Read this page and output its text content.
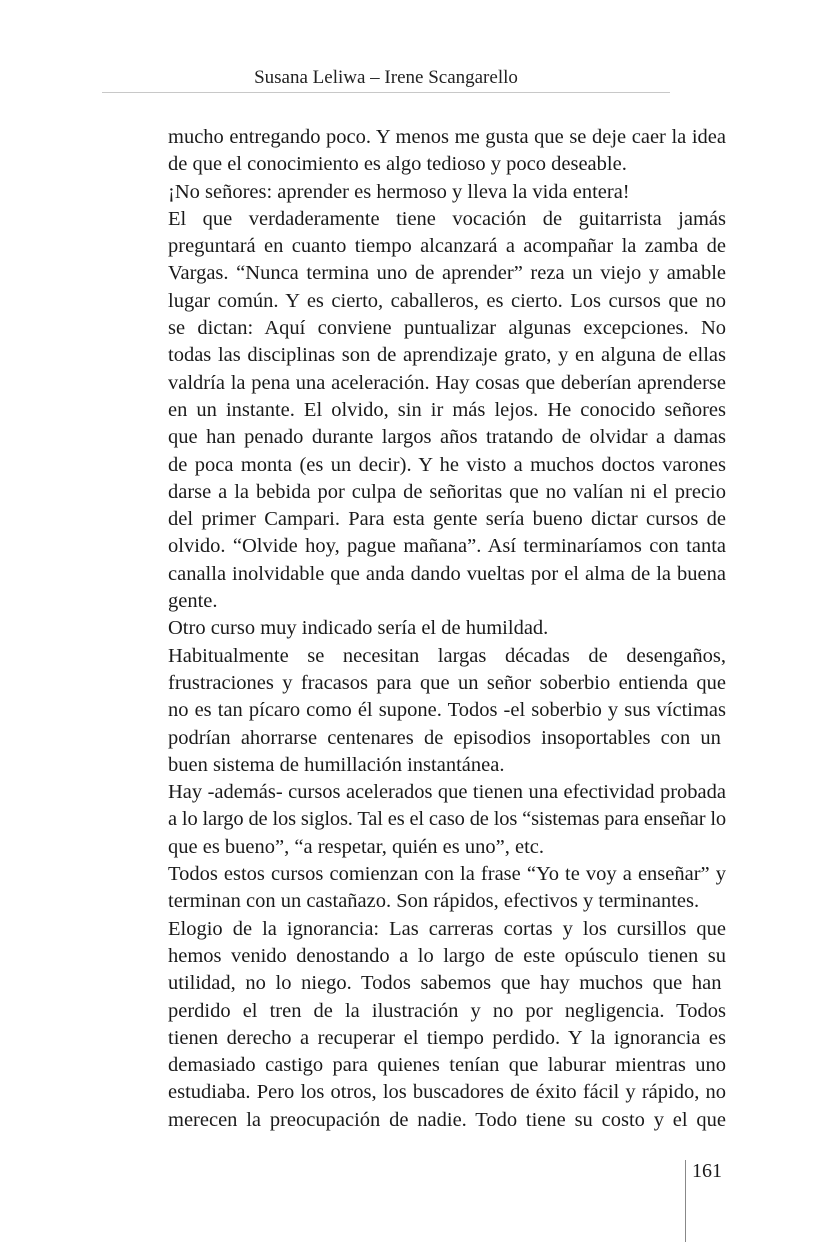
Susana Leliwa – Irene Scangarello
mucho entregando poco. Y menos me gusta que se deje caer la idea
de que el conocimiento es algo tedioso y poco deseable.
¡No señores: aprender es hermoso y lleva la vida entera!
El que verdaderamente tiene vocación de guitarrista jamás
preguntará en cuanto tiempo alcanzará a acompañar la zamba de
Vargas. “Nunca termina uno de aprender” reza un viejo y amable
lugar común. Y es cierto, caballeros, es cierto. Los cursos que no
se dictan: Aquí conviene puntualizar algunas excepciones. No
todas las disciplinas son de aprendizaje grato, y en alguna de ellas
valdría la pena una aceleración. Hay cosas que deberían aprenderse
en un instante. El olvido, sin ir más lejos. He conocido señores
que han penado durante largos años tratando de olvidar a damas
de poca monta (es un decir). Y he visto a muchos doctos varones
darse a la bebida por culpa de señoritas que no valían ni el precio
del primer Campari. Para esta gente sería bueno dictar cursos de
olvido. “Olvide hoy, pague mañana”. Así terminaríamos con tanta
canalla inolvidable que anda dando vueltas por el alma de la buena
gente.
Otro curso muy indicado sería el de humildad.
Habitualmente se necesitan largas décadas de desengaños,
frustraciones y fracasos para que un señor soberbio entienda que
no es tan pícaro como él supone. Todos -el soberbio y sus víctimas
podrían ahorrarse centenares de episodios insoportables con un
buen sistema de humillación instantánea.
Hay -además- cursos acelerados que tienen una efectividad probada
a lo largo de los siglos. Tal es el caso de los “sistemas para enseñar lo
que es bueno”, “a respetar, quién es uno”, etc.
Todos estos cursos comienzan con la frase “Yo te voy a enseñar” y
terminan con un castañazo. Son rápidos, efectivos y terminantes.
Elogio de la ignorancia: Las carreras cortas y los cursillos que
hemos venido denostando a lo largo de este opúsculo tienen su
utilidad, no lo niego. Todos sabemos que hay muchos que han
perdido el tren de la ilustración y no por negligencia. Todos
tienen derecho a recuperar el tiempo perdido. Y la ignorancia es
demasiado castigo para quienes tenían que laburar mientras uno
estudiaba. Pero los otros, los buscadores de éxito fácil y rápido, no
merecen la preocupación de nadie. Todo tiene su costo y el que
161
